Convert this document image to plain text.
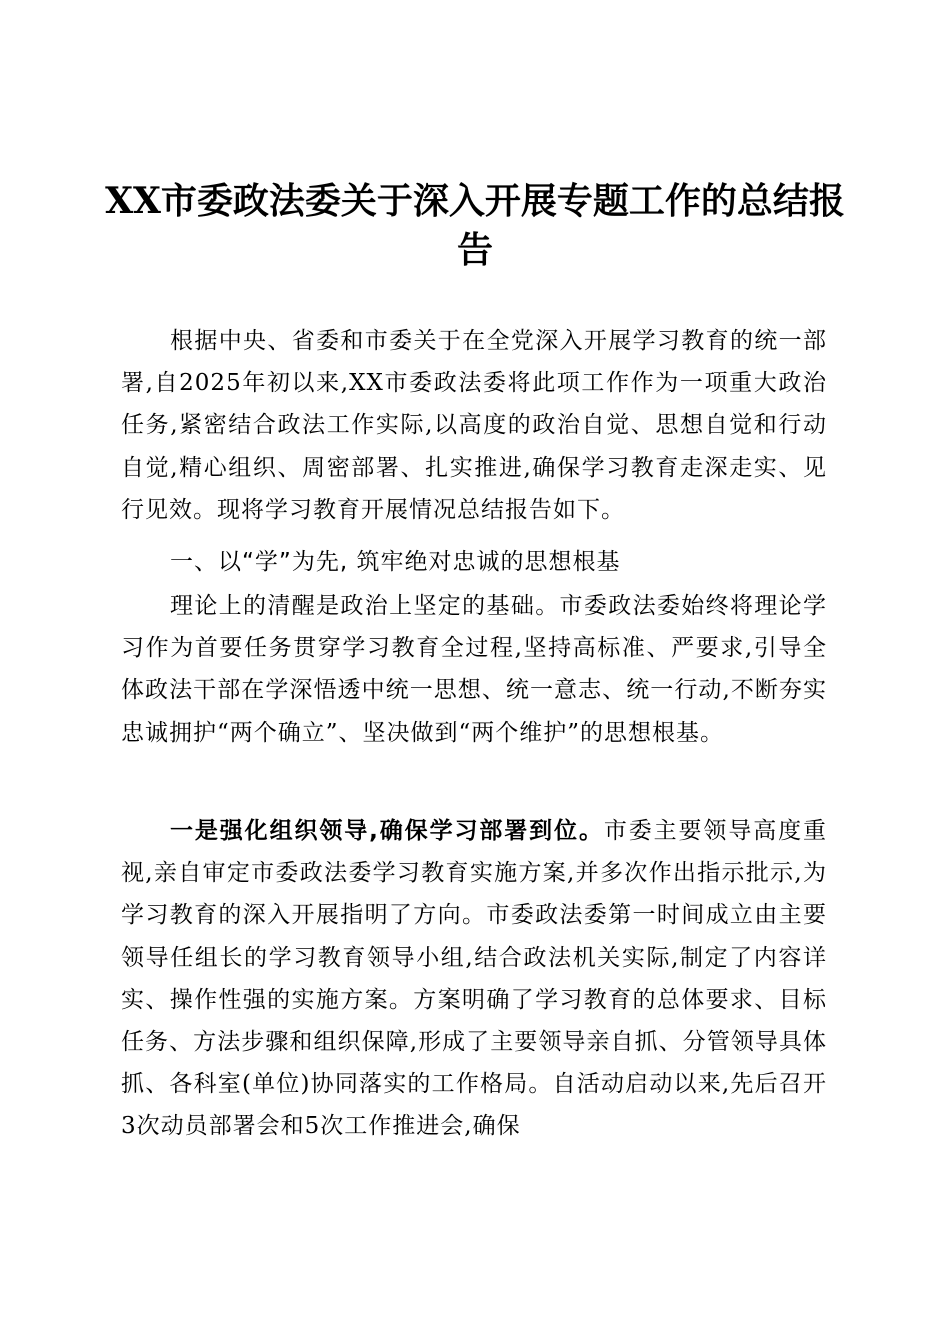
XX市委政法委关于深入开展专题工作的总结报告

根据中央、省委和市委关于在全党深入开展学习教育的统一部署,自2025年初以来,XX市委政法委将此项工作作为一项重大政治任务,紧密结合政法工作实际,以高度的政治自觉、思想自觉和行动自觉,精心组织、周密部署、扎实推进,确保学习教育走深走实、见行见效。现将学习教育开展情况总结报告如下。

一、以“学”为先, 筑牢绝对忠诚的思想根基

理论上的清醒是政治上坚定的基础。市委政法委始终将理论学习作为首要任务贯穿学习教育全过程,坚持高标准、严要求,引导全体政法干部在学深悟透中统一思想、统一意志、统一行动,不断夯实忠诚拥护“两个确立”、坚决做到“两个维护”的思想根基。

一是强化组织领导,确保学习部署到位。市委主要领导高度重视,亲自审定市委政法委学习教育实施方案,并多次作出指示批示,为学习教育的深入开展指明了方向。市委政法委第一时间成立由主要领导任组长的学习教育领导小组,结合政法机关实际,制定了内容详实、操作性强的实施方案。方案明确了学习教育的总体要求、目标任务、方法步骤和组织保障,形成了主要领导亲自抓、分管领导具体抓、各科室(单位)协同落实的工作格局。自活动启动以来,先后召开3次动员部署会和5次工作推进会,确保
